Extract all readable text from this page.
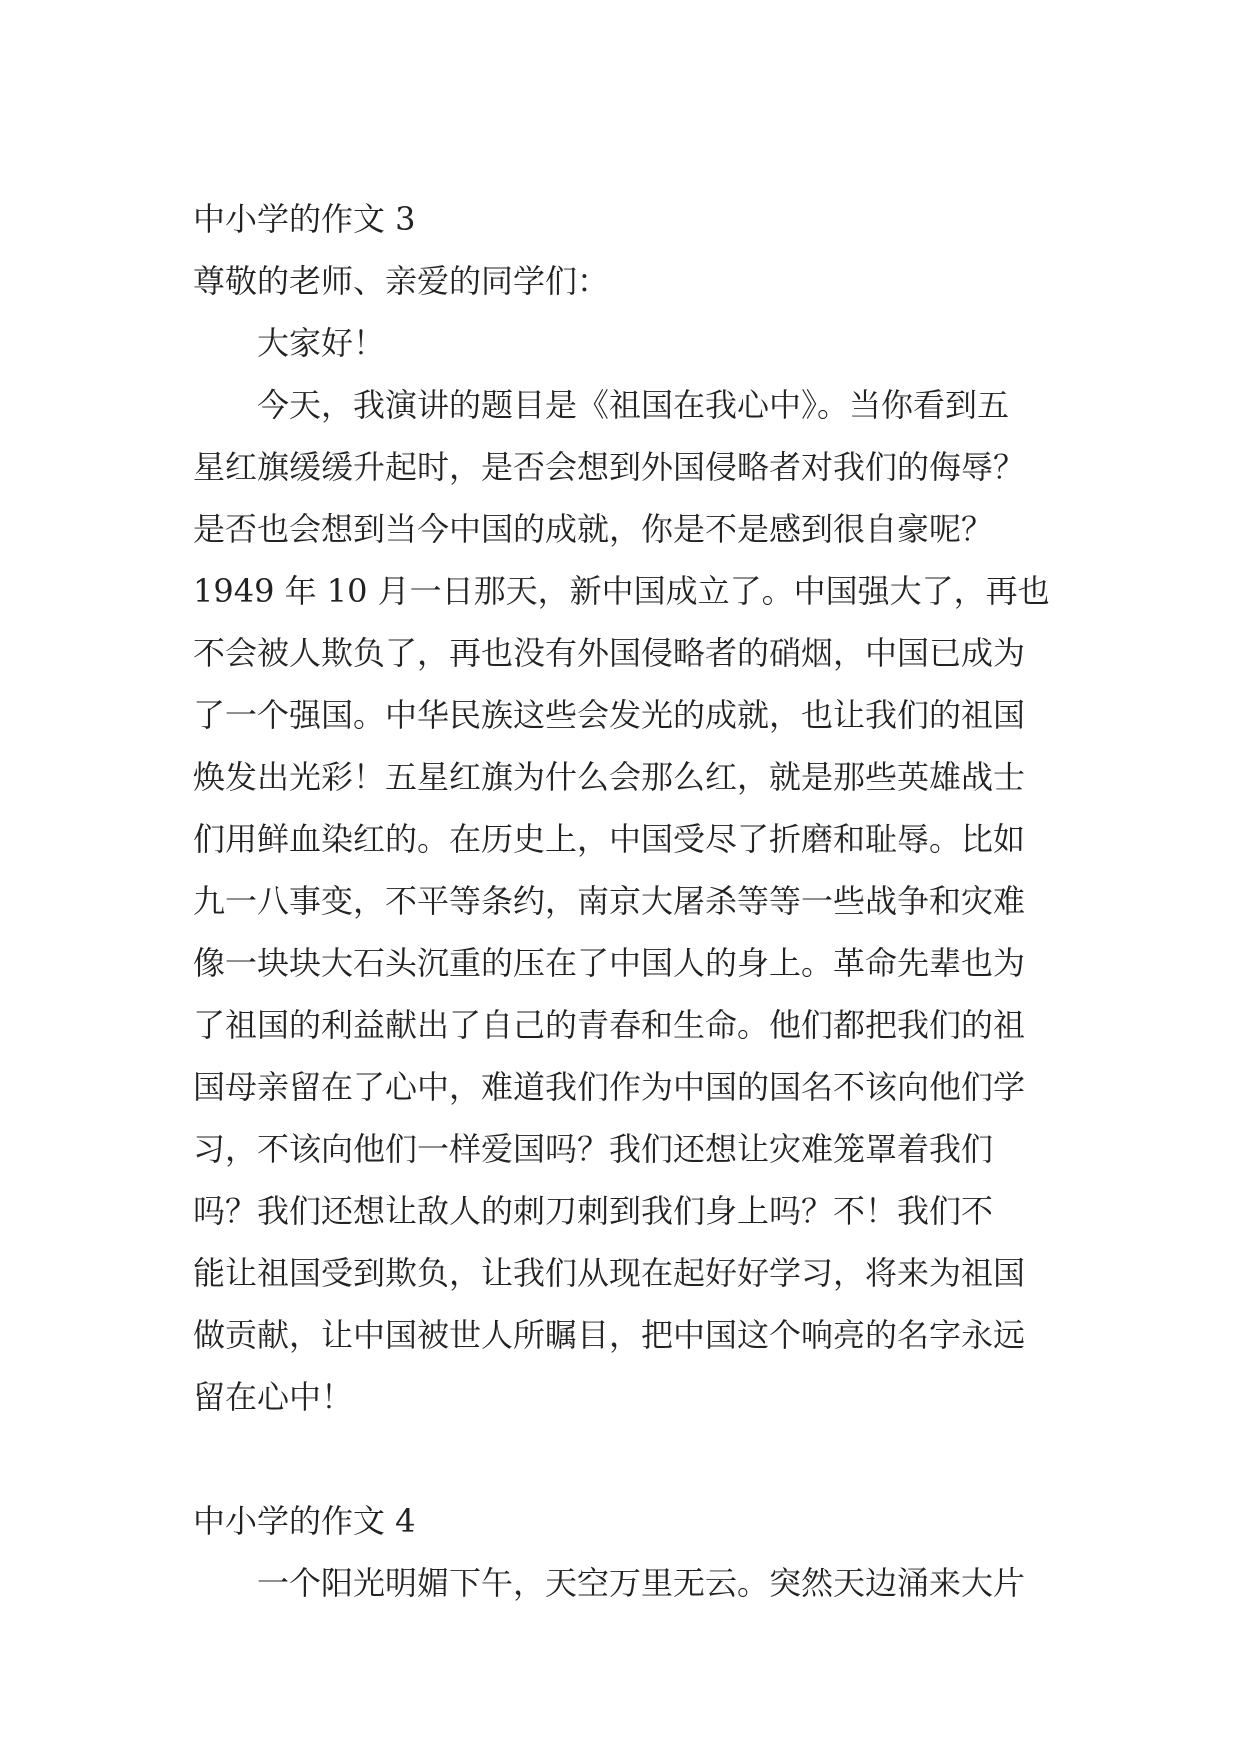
中小学的作文 3
尊敬的老师、亲爱的同学们：
大家好！
今天，我演讲的题目是《祖国在我心中》。当你看到五
星红旗缓缓升起时，是否会想到外国侵略者对我们的侮辱？
是否也会想到当今中国的成就，你是不是感到很自豪呢？
1949 年 10 月一日那天，新中国成立了。中国强大了，再也
不会被人欺负了，再也没有外国侵略者的硝烟，中国已成为
了一个强国。中华民族这些会发光的成就，也让我们的祖国
焕发出光彩！五星红旗为什么会那么红，就是那些英雄战士
们用鲜血染红的。在历史上，中国受尽了折磨和耻辱。比如
九一八事变，不平等条约，南京大屠杀等等一些战争和灾难
像一块块大石头沉重的压在了中国人的身上。革命先辈也为
了祖国的利益献出了自己的青春和生命。他们都把我们的祖
国母亲留在了心中，难道我们作为中国的国名不该向他们学
习，不该向他们一样爱国吗？我们还想让灾难笼罩着我们
吗？我们还想让敌人的刺刀刺到我们身上吗？不！我们不
能让祖国受到欺负，让我们从现在起好好学习，将来为祖国
做贡献，让中国被世人所瞩目，把中国这个响亮的名字永远
留在心中！
中小学的作文 4
一个阳光明媚下午，天空万里无云。突然天边涌来大片
